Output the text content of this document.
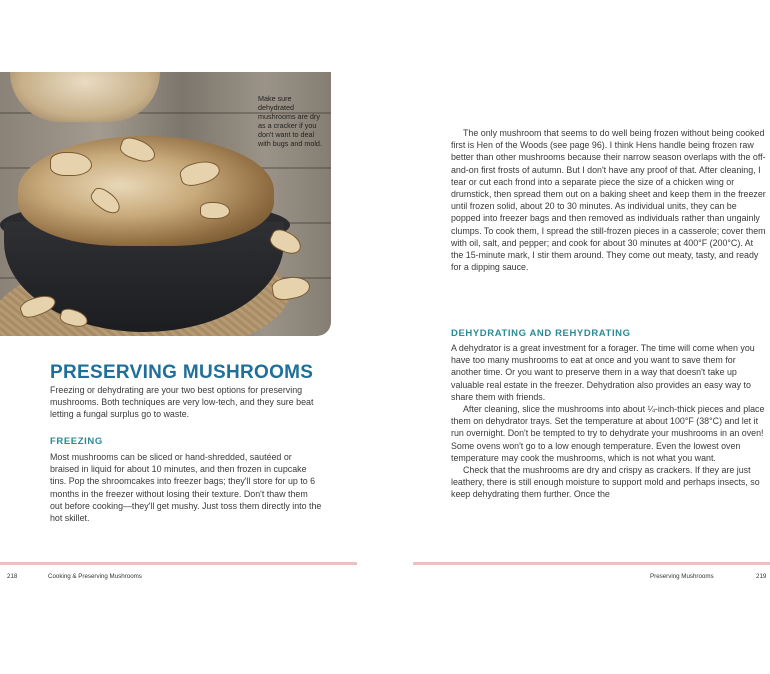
Make sure dehydrated mushrooms are dry as a cracker if you don't want to deal with bugs and mold.
PRESERVING MUSHROOMS

Freezing or dehydrating are your two best options for preserving mushrooms. Both techniques are very low-tech, and they sure beat letting a fungal surplus go to waste.

FREEZING

Most mushrooms can be sliced or hand-shredded, sautéed or braised in liquid for about 10 minutes, and then frozen in cupcake tins. Pop the shroomcakes into freezer bags; they'll store for up to 6 months in the freezer without losing their texture. Don't thaw them out before cooking—they'll get mushy. Just toss them directly into the hot skillet.

218	Cooking & Preserving Mushrooms

The only mushroom that seems to do well being frozen without being cooked first is Hen of the Woods (see page 96). I think Hens handle being frozen raw better than other mushrooms because their narrow season overlaps with the off-and-on first frosts of autumn. But I don't have any proof of that. After cleaning, I tear or cut each frond into a separate piece the size of a chicken wing or drumstick, then spread them out on a baking sheet and keep them in the freezer until frozen solid, about 20 to 30 minutes. As individual units, they can be popped into freezer bags and then removed as individuals rather than ungainly clumps. To cook them, I spread the still-frozen pieces in a casserole; cover them with oil, salt, and pepper; and cook for about 30 minutes at 400°F (200°C). At the 15-minute mark, I stir them around. They come out meaty, tasty, and ready for a dipping sauce.

DEHYDRATING AND REHYDRATING

A dehydrator is a great investment for a forager. The time will come when you have too many mushrooms to eat at once and you want to save them for another time. Or you want to preserve them in a way that doesn't take up valuable real estate in the freezer. Dehydration also provides an easy way to share them with friends.

After cleaning, slice the mushrooms into about ¼-inch-thick pieces and place them on dehydrator trays. Set the temperature at about 100°F (38°C) and let it run overnight. Don't be tempted to try to dehydrate your mushrooms in an oven! Some ovens won't go to a low enough temperature. Even the lowest oven temperature may cook the mushrooms, which is not what you want.

Check that the mushrooms are dry and crispy as crackers. If they are just leathery, there is still enough moisture to support mold and perhaps insects, so keep dehydrating them further. Once the

Preserving Mushrooms	219
